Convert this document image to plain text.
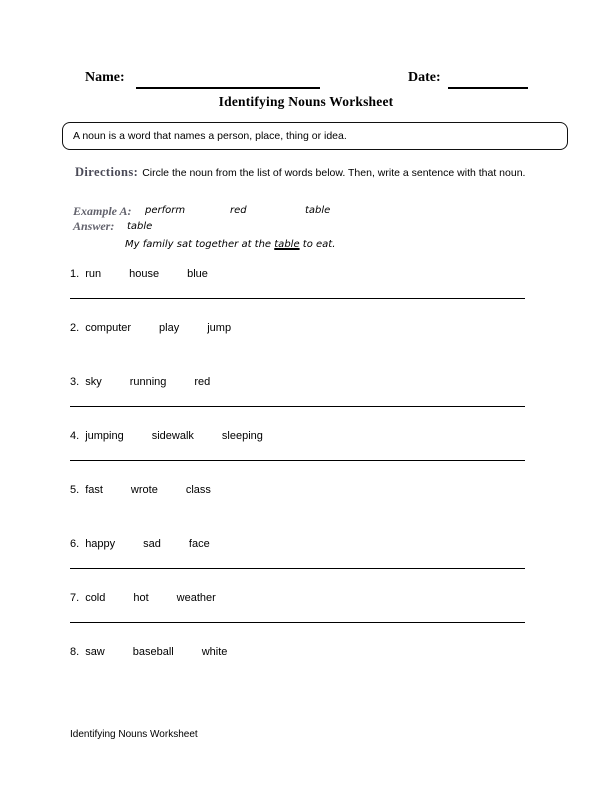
Name:	Date:
Identifying Nouns Worksheet
A noun is a word that names a person, place, thing or idea.
Directions: Circle the noun from the list of words below. Then, write a sentence with that noun.
Example A: perform	red	table
Answer: table
My family sat together at the table to eat.
1. run	house	blue
2. computer	play	jump
3. sky	running	red
4. jumping	sidewalk	sleeping
5. fast	wrote	class
6. happy	sad	face
7. cold	hot	weather
8. saw	baseball	white
Identifying Nouns Worksheet
